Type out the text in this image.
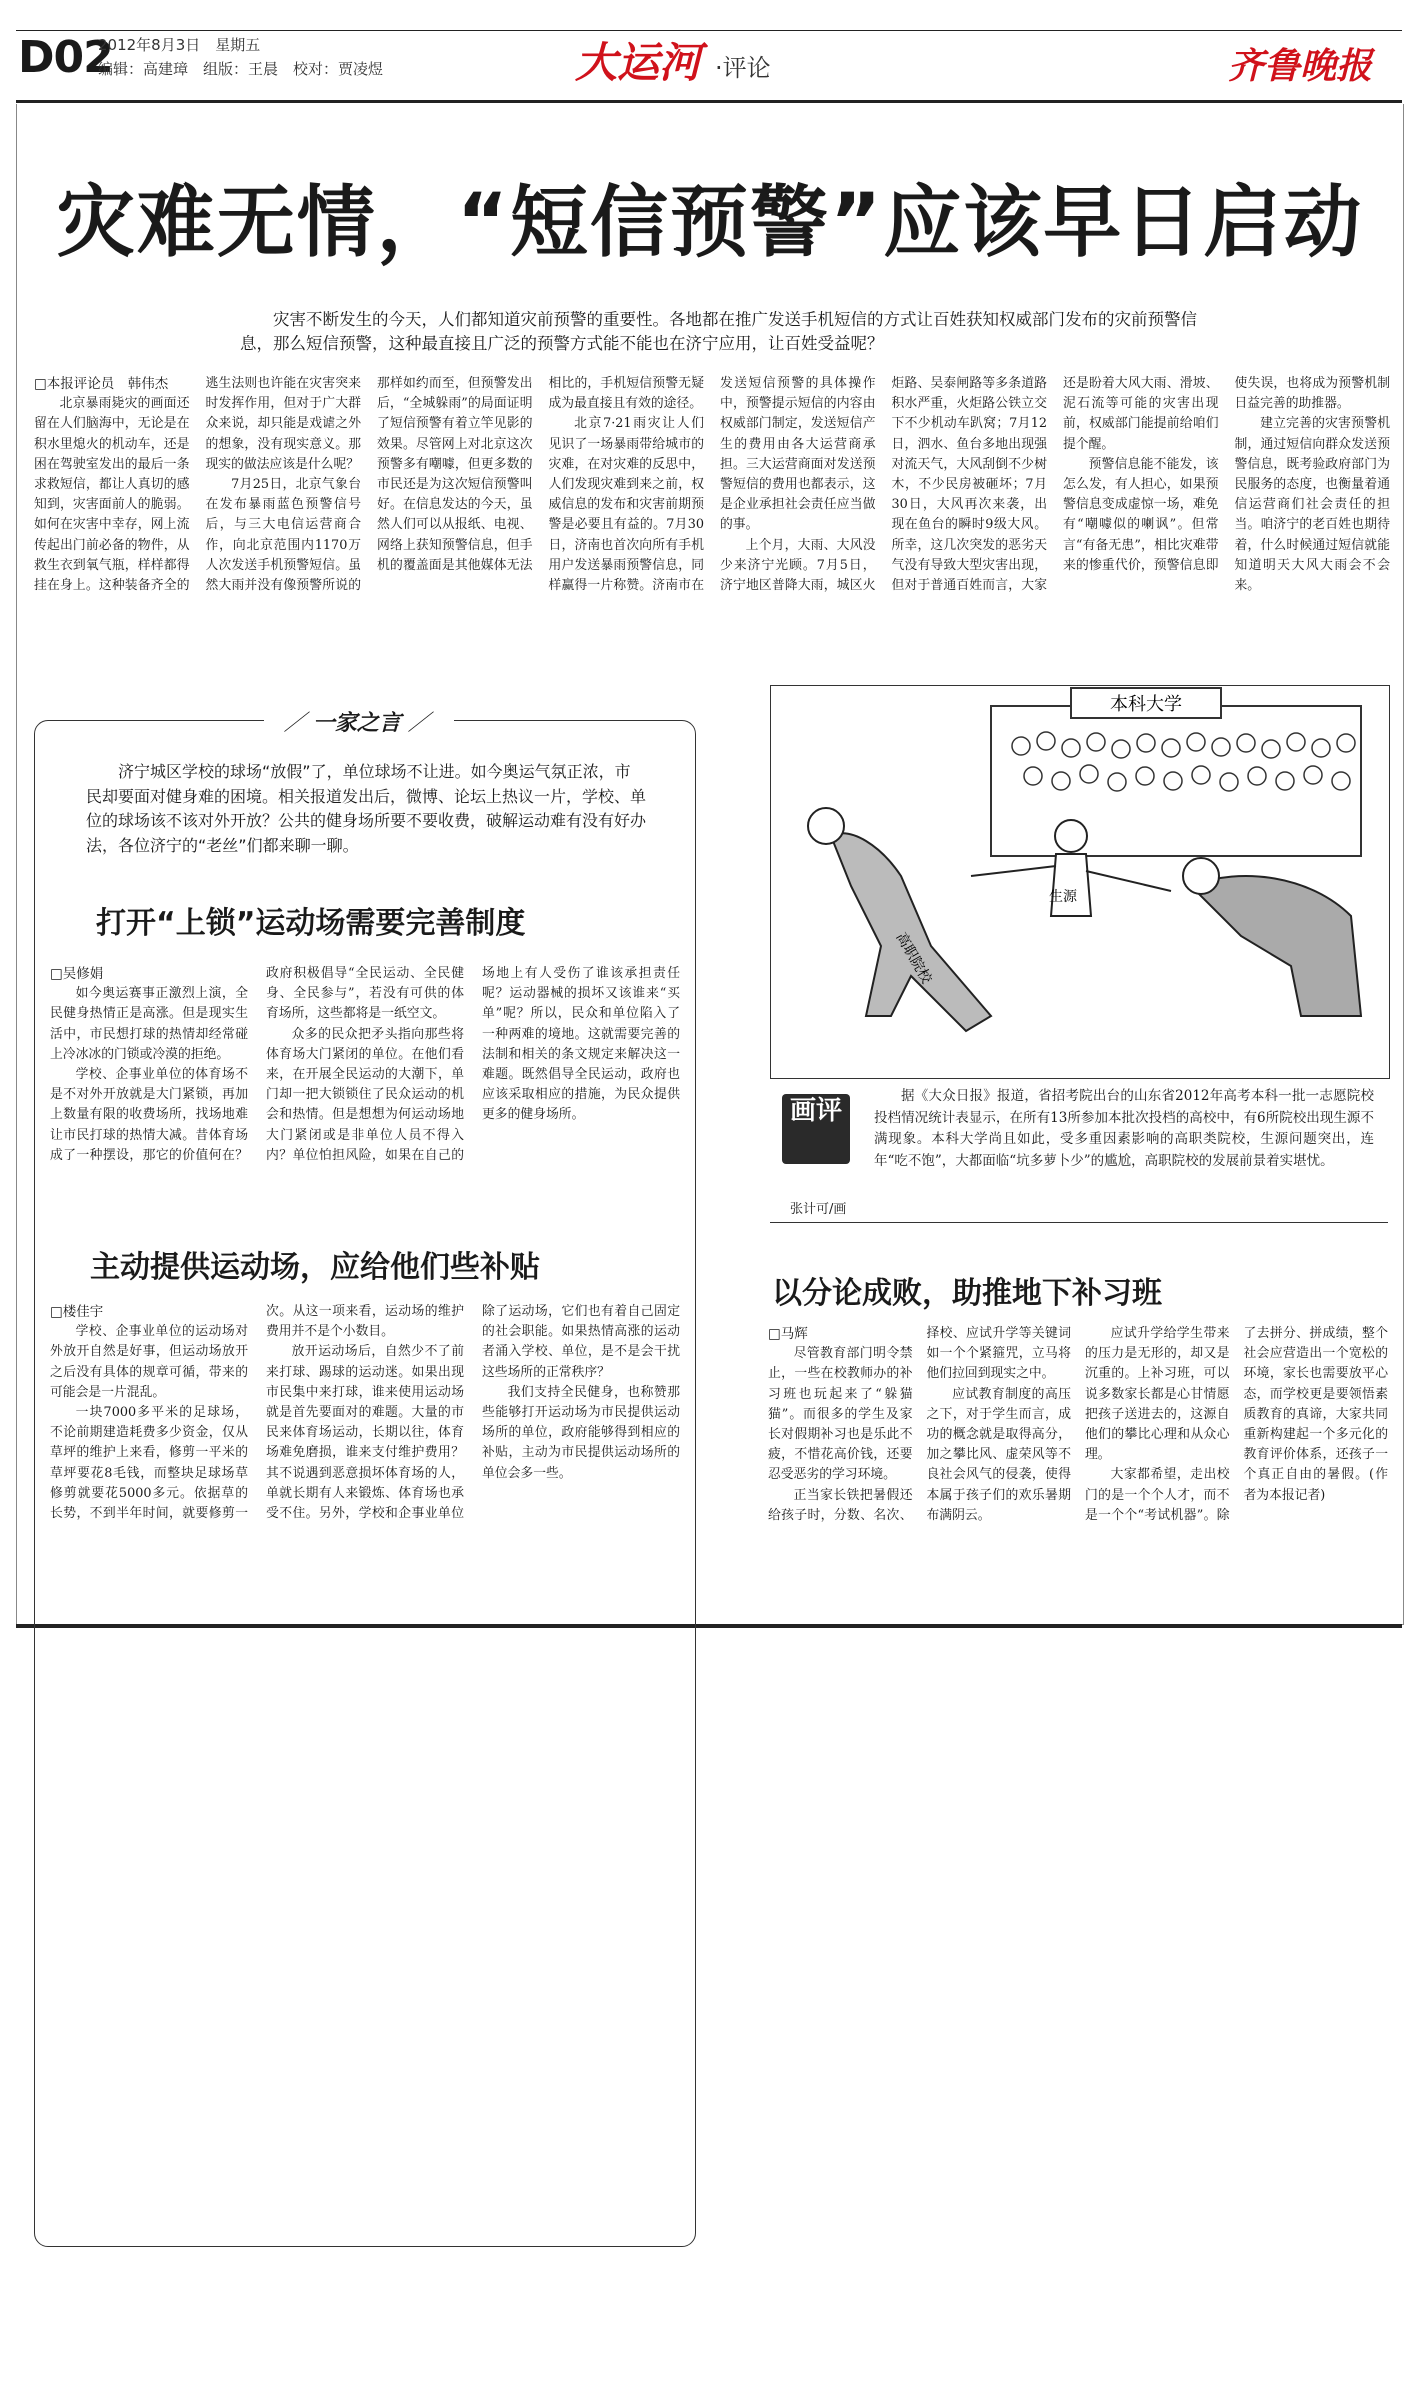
D02
2012年8月3日　星期五
编辑：高建璋　组版：王晨　校对：贾凌煜	大运河 ·评论	齐鲁晚报
灾难无情，“短信预警”应该早日启动
灾害不断发生的今天，人们都知道灾前预警的重要性。各地都在推广发送手机短信的方式让百姓获知权威部门发布的灾前预警信息，那么短信预警，这种最直接且广泛的预警方式能不能也在济宁应用，让百姓受益呢？

□本报评论员　韩伟杰

北京暴雨毙灾的画面还留在人们脑海中，无论是在积水里熄火的机动车，还是困在驾驶室发出的最后一条求救短信，都让人真切的感知到，灾害面前人的脆弱。如何在灾害中幸存，网上流传起出门前必备的物件，从救生衣到氧气瓶，样样都得挂在身上。这种装备齐全的逃生法则也许能在灾害突来时发挥作用，但对于广大群众来说，却只能是戏谑之外的想象，没有现实意义。那现实的做法应该是什么呢？

7月25日，北京气象台在发布暴雨蓝色预警信号后，与三大电信运营商合作，向北京范围内1170万人次发送手机预警短信。虽然大雨并没有像预警所说的那样如约而至，但预警发出后，“全城躲雨”的局面证明了短信预警有着立竿见影的效果。尽管网上对北京这次预警多有嘲噱，但更多数的市民还是为这次短信预警叫好。在信息发达的今天，虽然人们可以从报纸、电视、网络上获知预警信息，但手机的覆盖面是其他媒体无法相比的，手机短信预警无疑成为最直接且有效的途径。

北京7·21雨灾让人们见识了一场暴雨带给城市的灾难，在对灾难的反思中，人们发现灾难到来之前，权威信息的发布和灾害前期预警是必要且有益的。7月30日，济南也首次向所有手机用户发送暴雨预警信息，同样赢得一片称赞。济南市在发送短信预警的具体操作中，预警提示短信的内容由权威部门制定，发送短信产生的费用由各大运营商承担。三大运营商面对发送预警短信的费用也都表示，这是企业承担社会责任应当做的事。

上个月，大雨、大风没少来济宁光顾。7月5日，济宁地区普降大雨，城区火炬路、吴泰闸路等多条道路积水严重，火炬路公铁立交下不少机动车趴窝；7月12日，泗水、鱼台多地出现强对流天气，大风刮倒不少树木，不少民房被砸坏；7月30日，大风再次来袭，出现在鱼台的瞬时9级大风。所幸，这几次突发的恶劣天气没有导致大型灾害出现，但对于普通百姓而言，大家还是盼着大风大雨、滑坡、泥石流等可能的灾害出现前，权威部门能提前给咱们提个醒。

预警信息能不能发，该怎么发，有人担心，如果预警信息变成虚惊一场，难免有“嘲噱似的喇讽”。但常言“有备无患”，相比灾难带来的惨重代价，预警信息即使失误，也将成为预警机制日益完善的助推器。

建立完善的灾害预警机制，通过短信向群众发送预警信息，既考验政府部门为民服务的态度，也衡量着通信运营商们社会责任的担当。咱济宁的老百姓也期待着，什么时候通过短信就能知道明天大风大雨会不会来。

／ 一家之言 ／
济宁城区学校的球场“放假”了，单位球场不让进。如今奥运气氛正浓，市民却要面对健身难的困境。相关报道发出后，微博、论坛上热议一片，学校、单位的球场该不该对外开放？公共的健身场所要不要收费，破解运动难有没有好办法，各位济宁的“老丝”们都来聊一聊。
打开“上锁”运动场需要完善制度

□吴修娟

如今奥运赛事正激烈上演，全民健身热情正是高涨。但是现实生活中，市民想打球的热情却经常碰上冷冰冰的门锁或冷漠的拒绝。

学校、企事业单位的体育场不是不对外开放就是大门紧锁，再加上数量有限的收费场所，找场地难让市民打球的热情大减。昔体育场成了一种摆设，那它的价值何在？政府积极倡导“全民运动、全民健身、全民参与”，若没有可供的体育场所，这些都将是一纸空文。

众多的民众把矛头指向那些将体育场大门紧闭的单位。在他们看来，在开展全民运动的大潮下，单门却一把大锁锁住了民众运动的机会和热情。但是想想为何运动场地大门紧闭或是非单位人员不得入内？单位怕担风险，如果在自己的场地上有人受伤了谁该承担责任呢？运动器械的损坏又该谁来“买单”呢？所以，民众和单位陷入了一种两难的境地。这就需要完善的法制和相关的条文规定来解决这一难题。既然倡导全民运动，政府也应该采取相应的措施，为民众提供更多的健身场所。

主动提供运动场，应给他们些补贴

□楼佳宇

学校、企事业单位的运动场对外放开自然是好事，但运动场放开之后没有具体的规章可循，带来的可能会是一片混乱。

一块7000多平米的足球场，不论前期建造耗费多少资金，仅从草坪的维护上来看，修剪一平米的草坪要花8毛钱，而整块足球场草修剪就要花5000多元。依据草的长势，不到半年时间，就要修剪一次。从这一项来看，运动场的维护费用并不是个小数目。

放开运动场后，自然少不了前来打球、踢球的运动迷。如果出现市民集中来打球，谁来使用运动场就是首先要面对的难题。大量的市民来体育场运动，长期以往，体育场难免磨损，谁来支付维护费用？其不说遇到恶意损坏体育场的人，单就长期有人来锻炼、体育场也承受不住。另外，学校和企事业单位除了运动场，它们也有着自己固定的社会职能。如果热情高涨的运动者涌入学校、单位，是不是会干扰这些场所的正常秩序？

我们支持全民健身，也称赞那些能够打开运动场为市民提供运动场所的单位，政府能够得到相应的补贴，主动为市民提供运动场所的单位会多一些。

本科大学
高职院校
生源
画评
张计可/画
据《大众日报》报道，省招考院出台的山东省2012年高考本科一批一志愿院校投档情况统计表显示，在所有13所参加本批次投档的高校中，有6所院校出现生源不满现象。本科大学尚且如此，受多重因素影响的高职类院校，生源问题突出，连年“吃不饱”，大都面临“坑多萝卜少”的尴尬，高职院校的发展前景着实堪忧。
以分论成败，助推地下补习班

□马辉

尽管教育部门明令禁止，一些在校教师办的补习班也玩起来了“躲猫猫”。而很多的学生及家长对假期补习也是乐此不疲，不惜花高价钱，还要忍受恶劣的学习环境。

正当家长铁把暑假还给孩子时，分数、名次、择校、应试升学等关键词如一个个紧箍咒，立马将他们拉回到现实之中。

应试教育制度的高压之下，对于学生而言，成功的概念就是取得高分，加之攀比风、虚荣风等不良社会风气的侵袭，使得本属于孩子们的欢乐暑期布满阴云。

应试升学给学生带来的压力是无形的，却又是沉重的。上补习班，可以说多数家长都是心甘情愿把孩子送进去的，这源自他们的攀比心理和从众心理。

大家都希望，走出校门的是一个个人才，而不是一个个“考试机器”。除了去拼分、拼成绩，整个社会应营造出一个宽松的环境，家长也需要放平心态，而学校更是要领悟素质教育的真谛，大家共同重新构建起一个多元化的教育评价体系，还孩子一个真正自由的暑假。(作者为本报记者)
